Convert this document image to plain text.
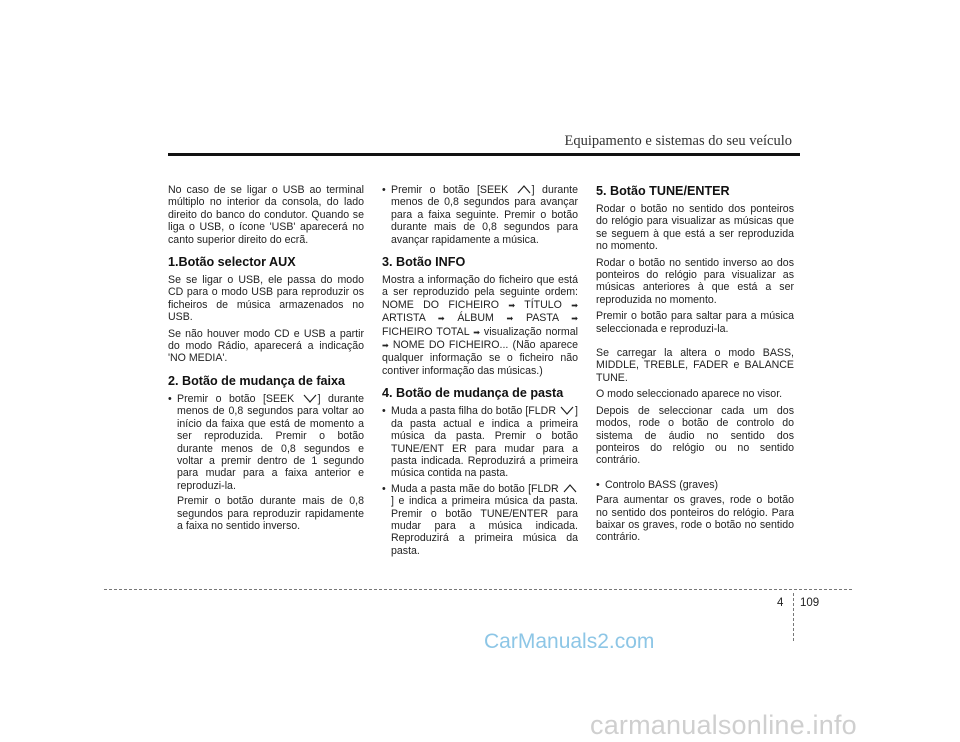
Equipamento e sistemas do seu veículo

No caso de se ligar o USB ao terminal múltiplo no interior da consola, do lado direito do banco do condutor. Quando se liga o USB, o ícone 'USB' aparecerá no canto superior direito do ecrã.

1.Botão selector AUX

Se se ligar o USB, ele passa do modo CD para o modo USB para reproduzir os ficheiros de música armazenados no USB.

Se não houver modo CD e USB a partir do modo Rádio, aparecerá a indicação 'NO MEDIA'.

2. Botão de mudança de faixa
• Premir o botão [SEEK ] durante menos de 0,8 segundos para voltar ao início da faixa que está de momento a ser reproduzida. Premir o botão durante menos de 0,8 segundos e voltar a premir dentro de 1 segundo para mudar para a faixa anterior e reproduzi-la.

Premir o botão durante mais de 0,8 segundos para reproduzir rapidamente a faixa no sentido inverso.

• Premir o botão [SEEK ] durante menos de 0,8 segundos para avançar para a faixa seguinte. Premir o botão durante mais de 0,8 segundos para avançar rapidamente a música.
3. Botão INFO

Mostra a informação do ficheiro que está a ser reproduzido pela seguinte ordem: NOME DO FICHEIRO ➡ TÍTULO ➡ ARTISTA ➡ ÁLBUM ➡ PASTA ➡ FICHEIRO TOTAL ➡ visualização normal ➡ NOME DO FICHEIRO... (Não aparece qualquer informação se o ficheiro não contiver informação das músicas.)

4. Botão de mudança de pasta
• Muda a pasta filha do botão [FLDR ] da pasta actual e indica a primeira música da pasta. Premir o botão TUNE/ENT ER para mudar para a pasta indicada. Reproduzirá a primeira música contida na pasta.
• Muda a pasta mãe do botão [FLDR
] e indica a primeira música da pasta. Premir o botão TUNE/ENTER para mudar para a música indicada. Reproduzirá a primeira música da pasta.
5. Botão TUNE/ENTER

Rodar o botão no sentido dos ponteiros do relógio para visualizar as músicas que se seguem à que está a ser reproduzida no momento.

Rodar o botão no sentido inverso ao dos ponteiros do relógio para visualizar as músicas anteriores à que está a ser reproduzida no momento.

Premir o botão para saltar para a música seleccionada e reproduzi-la.

Se carregar la altera o modo BASS, MIDDLE, TREBLE, FADER e BALANCE TUNE.

O modo seleccionado aparece no visor.

Depois de seleccionar cada um dos modos, rode o botão de controlo do sistema de áudio no sentido dos ponteiros do relógio ou no sentido contrário.

• Controlo BASS (graves)

Para aumentar os graves, rode o botão no sentido dos ponteiros do relógio. Para baixar os graves, rode o botão no sentido contrário.

4 109
CarManuals2.com
carmanualsonline.info
